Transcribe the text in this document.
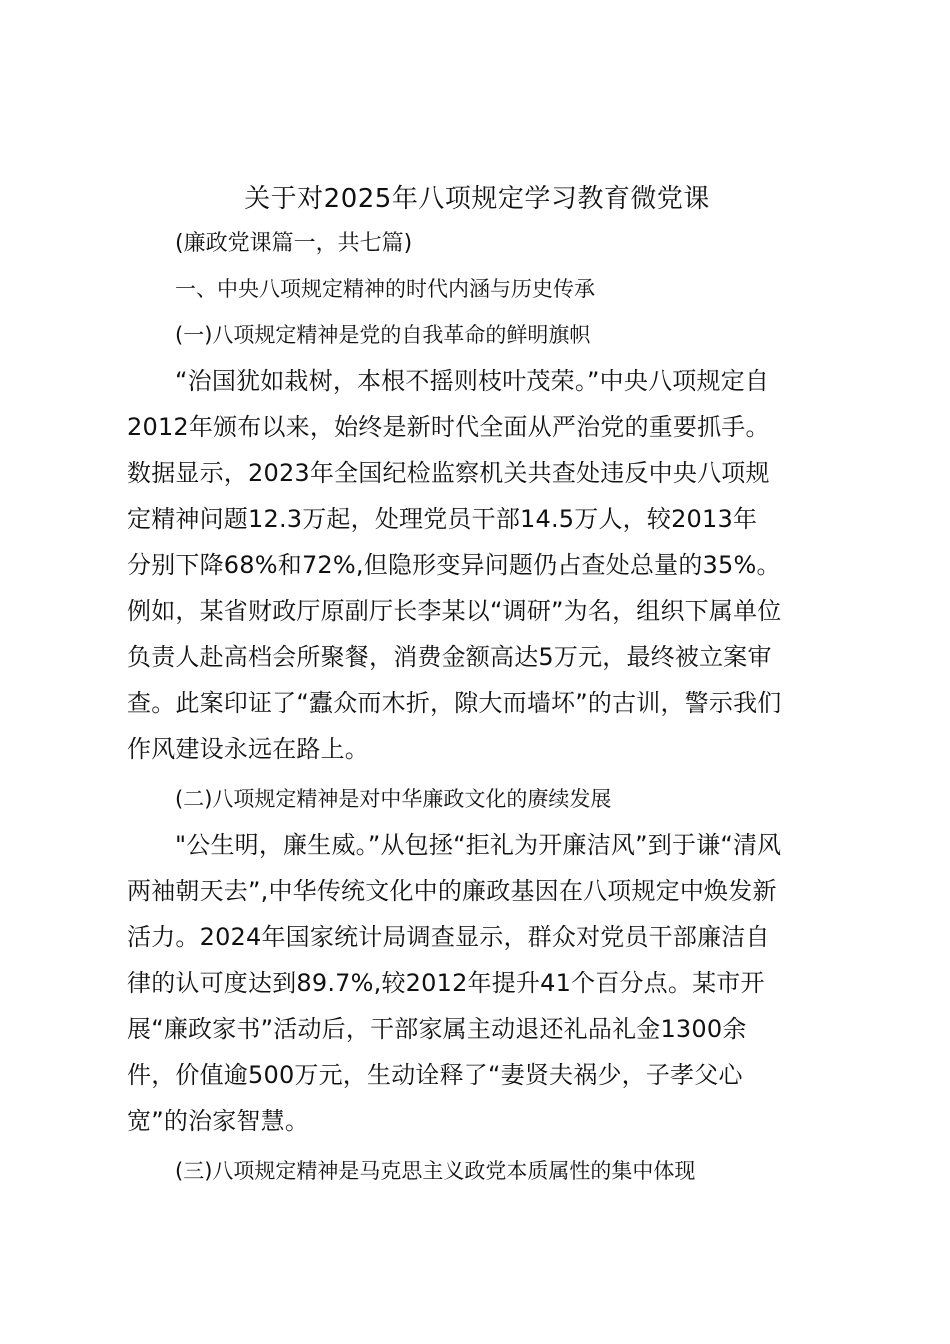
关于对2025年八项规定学习教育微党课

(廉政党课篇一，共七篇)

一、中央八项规定精神的时代内涵与历史传承

(一)八项规定精神是党的自我革命的鲜明旗帜

“治国犹如栽树，本根不摇则枝叶茂荣。”中央八项规定自
2012年颁布以来，始终是新时代全面从严治党的重要抓手。
数据显示，2023年全国纪检监察机关共查处违反中央八项规
定精神问题12.3万起，处理党员干部14.5万人，较2013年
分别下降68%和72%,但隐形变异问题仍占查处总量的35%。
例如，某省财政厅原副厅长李某以“调研”为名，组织下属单位
负责人赴高档会所聚餐，消费金额高达5万元，最终被立案审
查。此案印证了“蠹众而木折，隙大而墙坏”的古训，警示我们
作风建设永远在路上。

(二)八项规定精神是对中华廉政文化的赓续发展

"公生明，廉生威。”从包拯“拒礼为开廉洁风”到于谦“清风
两袖朝天去”,中华传统文化中的廉政基因在八项规定中焕发新
活力。2024年国家统计局调查显示，群众对党员干部廉洁自
律的认可度达到89.7%,较2012年提升41个百分点。某市开
展“廉政家书”活动后，干部家属主动退还礼品礼金1300余
件，价值逾500万元，生动诠释了“妻贤夫祸少，子孝父心
宽”的治家智慧。

(三)八项规定精神是马克思主义政党本质属性的集中体现
